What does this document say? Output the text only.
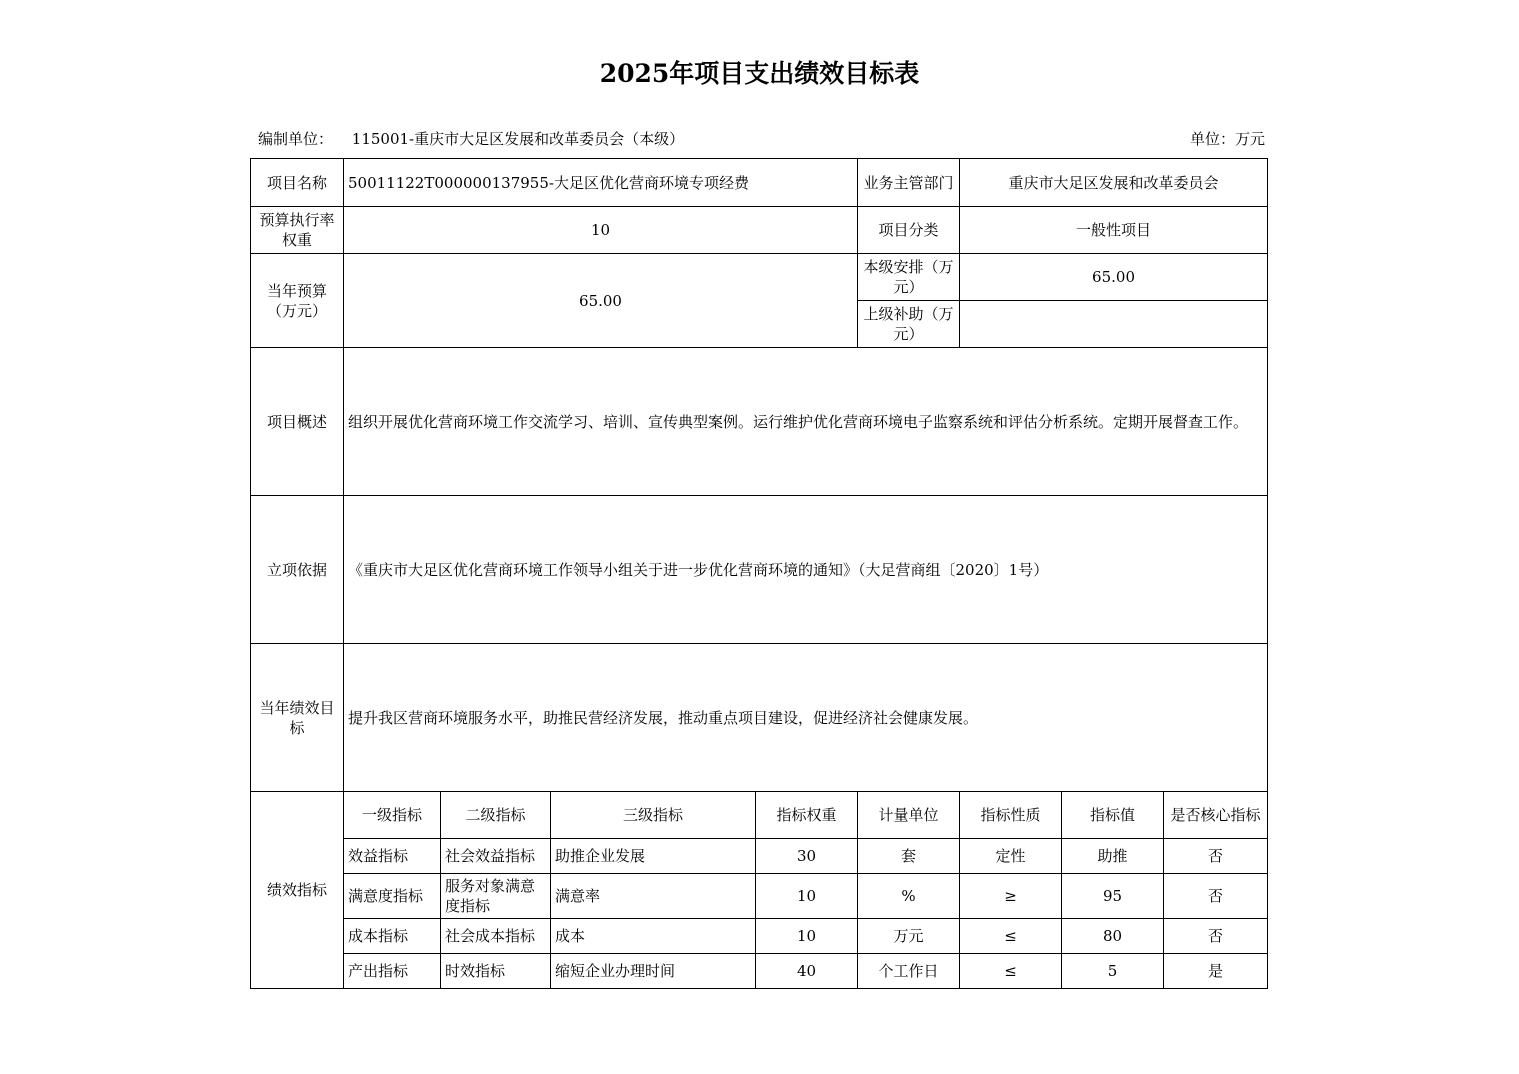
2025年项目支出绩效目标表
编制单位： 115001-重庆市大足区发展和改革委员会（本级）	单位：万元
项目名称	50011122T000000137955-大足区优化营商环境专项经费				业务主管部门	重庆市大足区发展和改革委员会		
预算执行率权重	10				项目分类	一般性项目		
当年预算（万元）	65.00				本级安排（万元）	65.00		
					上级补助（万元）			
项目概述	组织开展优化营商环境工作交流学习、培训、宣传典型案例。运行维护优化营商环境电子监察系统和评估分析系统。定期开展督查工作。							
立项依据	《重庆市大足区优化营商环境工作领导小组关于进一步优化营商环境的通知》（大足营商组〔2020〕1号）							
当年绩效目标	提升我区营商环境服务水平，助推民营经济发展，推动重点项目建设，促进经济社会健康发展。							
绩效指标	一级指标	二级指标	三级指标	指标权重	计量单位	指标性质	指标值	是否核心指标
	效益指标	社会效益指标	助推企业发展	30	套	定性	助推	否
	满意度指标	服务对象满意度指标	满意率	10	%	≥	95	否
	成本指标	社会成本指标	成本	10	万元	≤	80	否
	产出指标	时效指标	缩短企业办理时间	40	个工作日	≤	5	是
